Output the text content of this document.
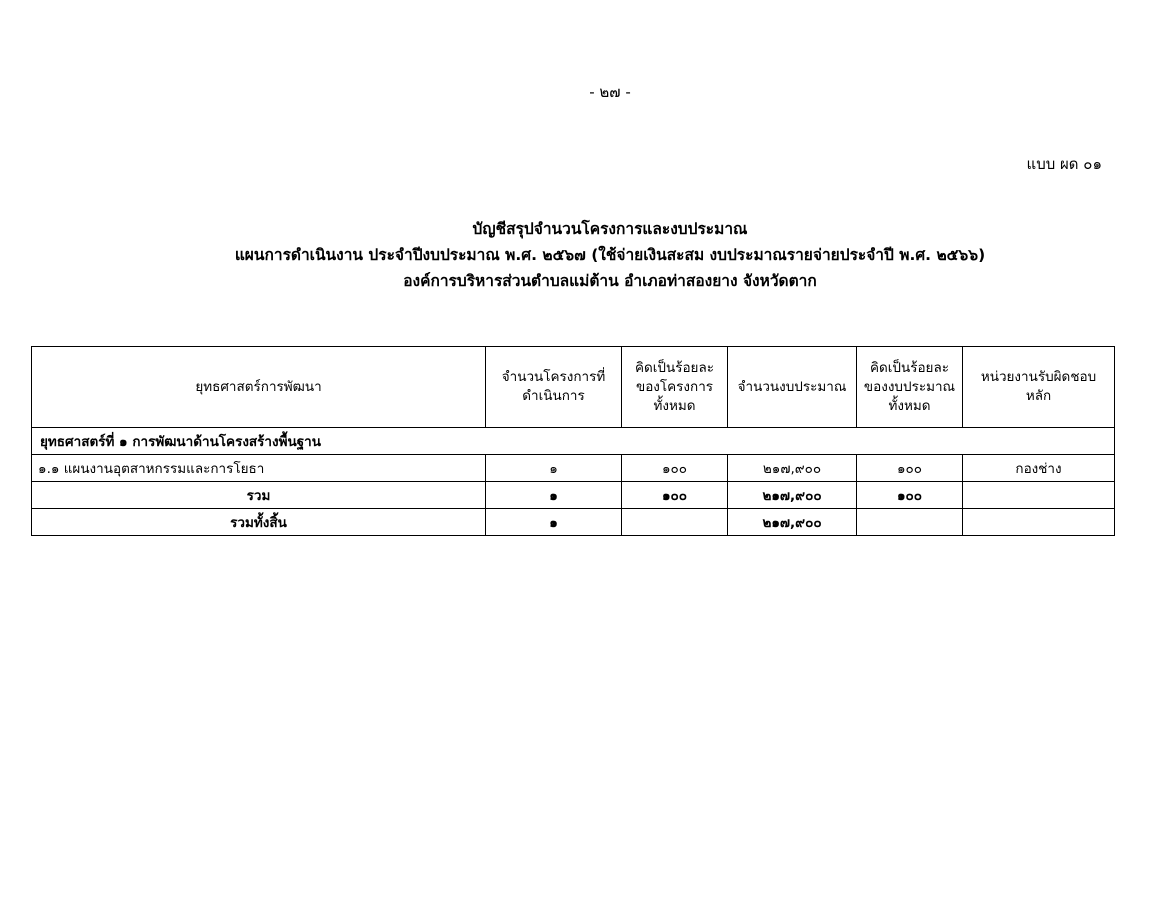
- ๒๗ -
แบบ ผด ๐๑
บัญชีสรุปจำนวนโครงการและงบประมาณ
แผนการดำเนินงาน ประจำปีงบประมาณ พ.ศ. ๒๕๖๗ (ใช้จ่ายเงินสะสม งบประมาณรายจ่ายประจำปี พ.ศ. ๒๕๖๖)
องค์การบริหารส่วนตำบลแม่ต้าน อำเภอท่าสองยาง จังหวัดตาก
ยุทธศาสตร์การพัฒนา	จำนวนโครงการที่ดำเนินการ	คิดเป็นร้อยละของโครงการทั้งหมด	จำนวนงบประมาณ	คิดเป็นร้อยละของงบประมาณทั้งหมด	หน่วยงานรับผิดชอบหลัก
ยุทธศาสตร์ที่ ๑ การพัฒนาด้านโครงสร้างพื้นฐาน					
๑.๑ แผนงานอุตสาหกรรมและการโยธา	๑	๑๐๐	๒๑๗,๙๐๐	๑๐๐	กองช่าง
รวม	๑	๑๐๐	๒๑๗,๙๐๐	๑๐๐	
รวมทั้งสิ้น	๑		๒๑๗,๙๐๐		
